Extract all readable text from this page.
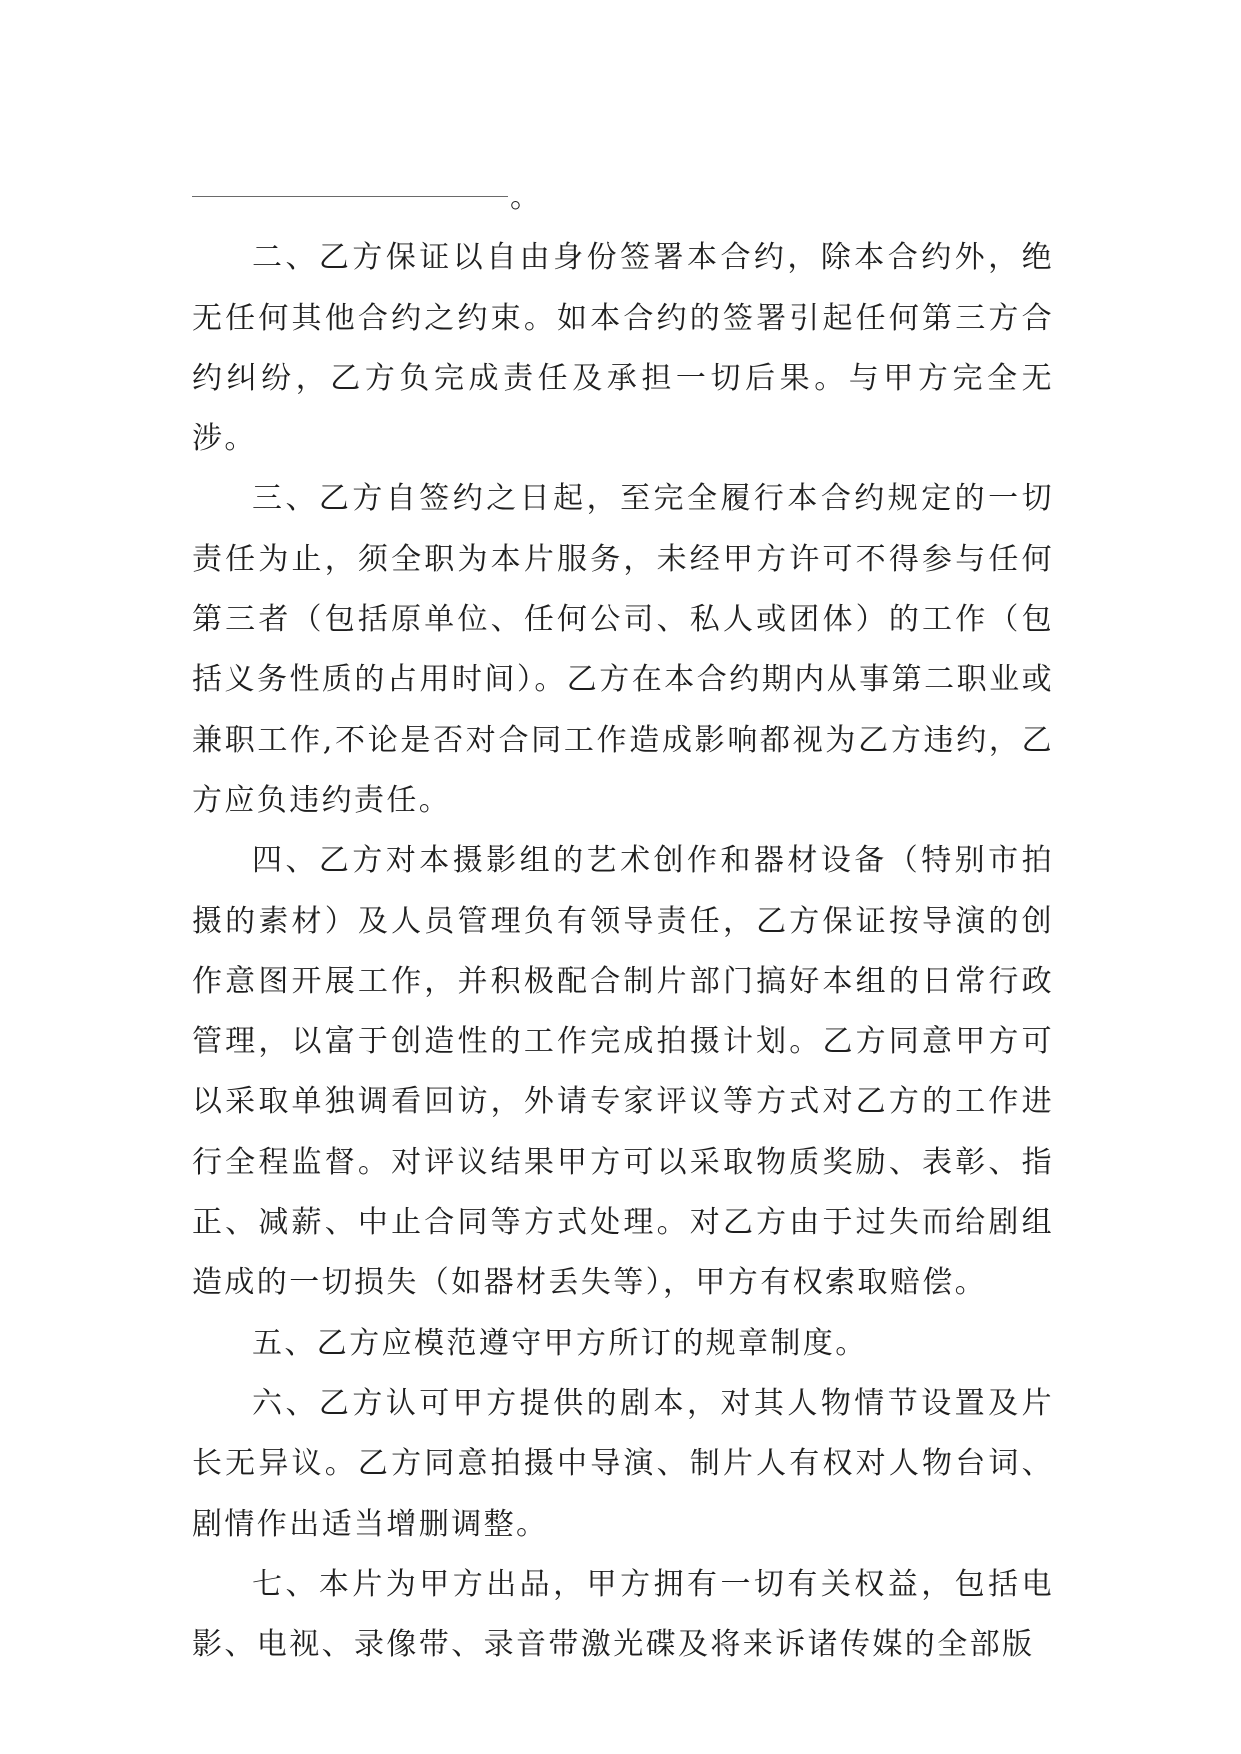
。

二、乙方保证以自由身份签署本合约，除本合约外，绝无任何其他合约之约束。如本合约的签署引起任何第三方合约纠纷，乙方负完成责任及承担一切后果。与甲方完全无涉。

三、乙方自签约之日起，至完全履行本合约规定的一切责任为止，须全职为本片服务，未经甲方许可不得参与任何第三者（包括原单位、任何公司、私人或团体）的工作（包括义务性质的占用时间）。乙方在本合约期内从事第二职业或兼职工作,不论是否对合同工作造成影响都视为乙方违约，乙方应负违约责任。

四、乙方对本摄影组的艺术创作和器材设备（特别市拍摄的素材）及人员管理负有领导责任，乙方保证按导演的创作意图开展工作，并积极配合制片部门搞好本组的日常行政管理，以富于创造性的工作完成拍摄计划。乙方同意甲方可以采取单独调看回访，外请专家评议等方式对乙方的工作进行全程监督。对评议结果甲方可以采取物质奖励、表彰、指正、减薪、中止合同等方式处理。对乙方由于过失而给剧组造成的一切损失（如器材丢失等），甲方有权索取赔偿。

五、乙方应模范遵守甲方所订的规章制度。

六、乙方认可甲方提供的剧本，对其人物情节设置及片长无异议。乙方同意拍摄中导演、制片人有权对人物台词、剧情作出适当增删调整。

七、本片为甲方出品，甲方拥有一切有关权益，包括电影、电视、录像带、录音带激光碟及将来诉诸传媒的全部版
